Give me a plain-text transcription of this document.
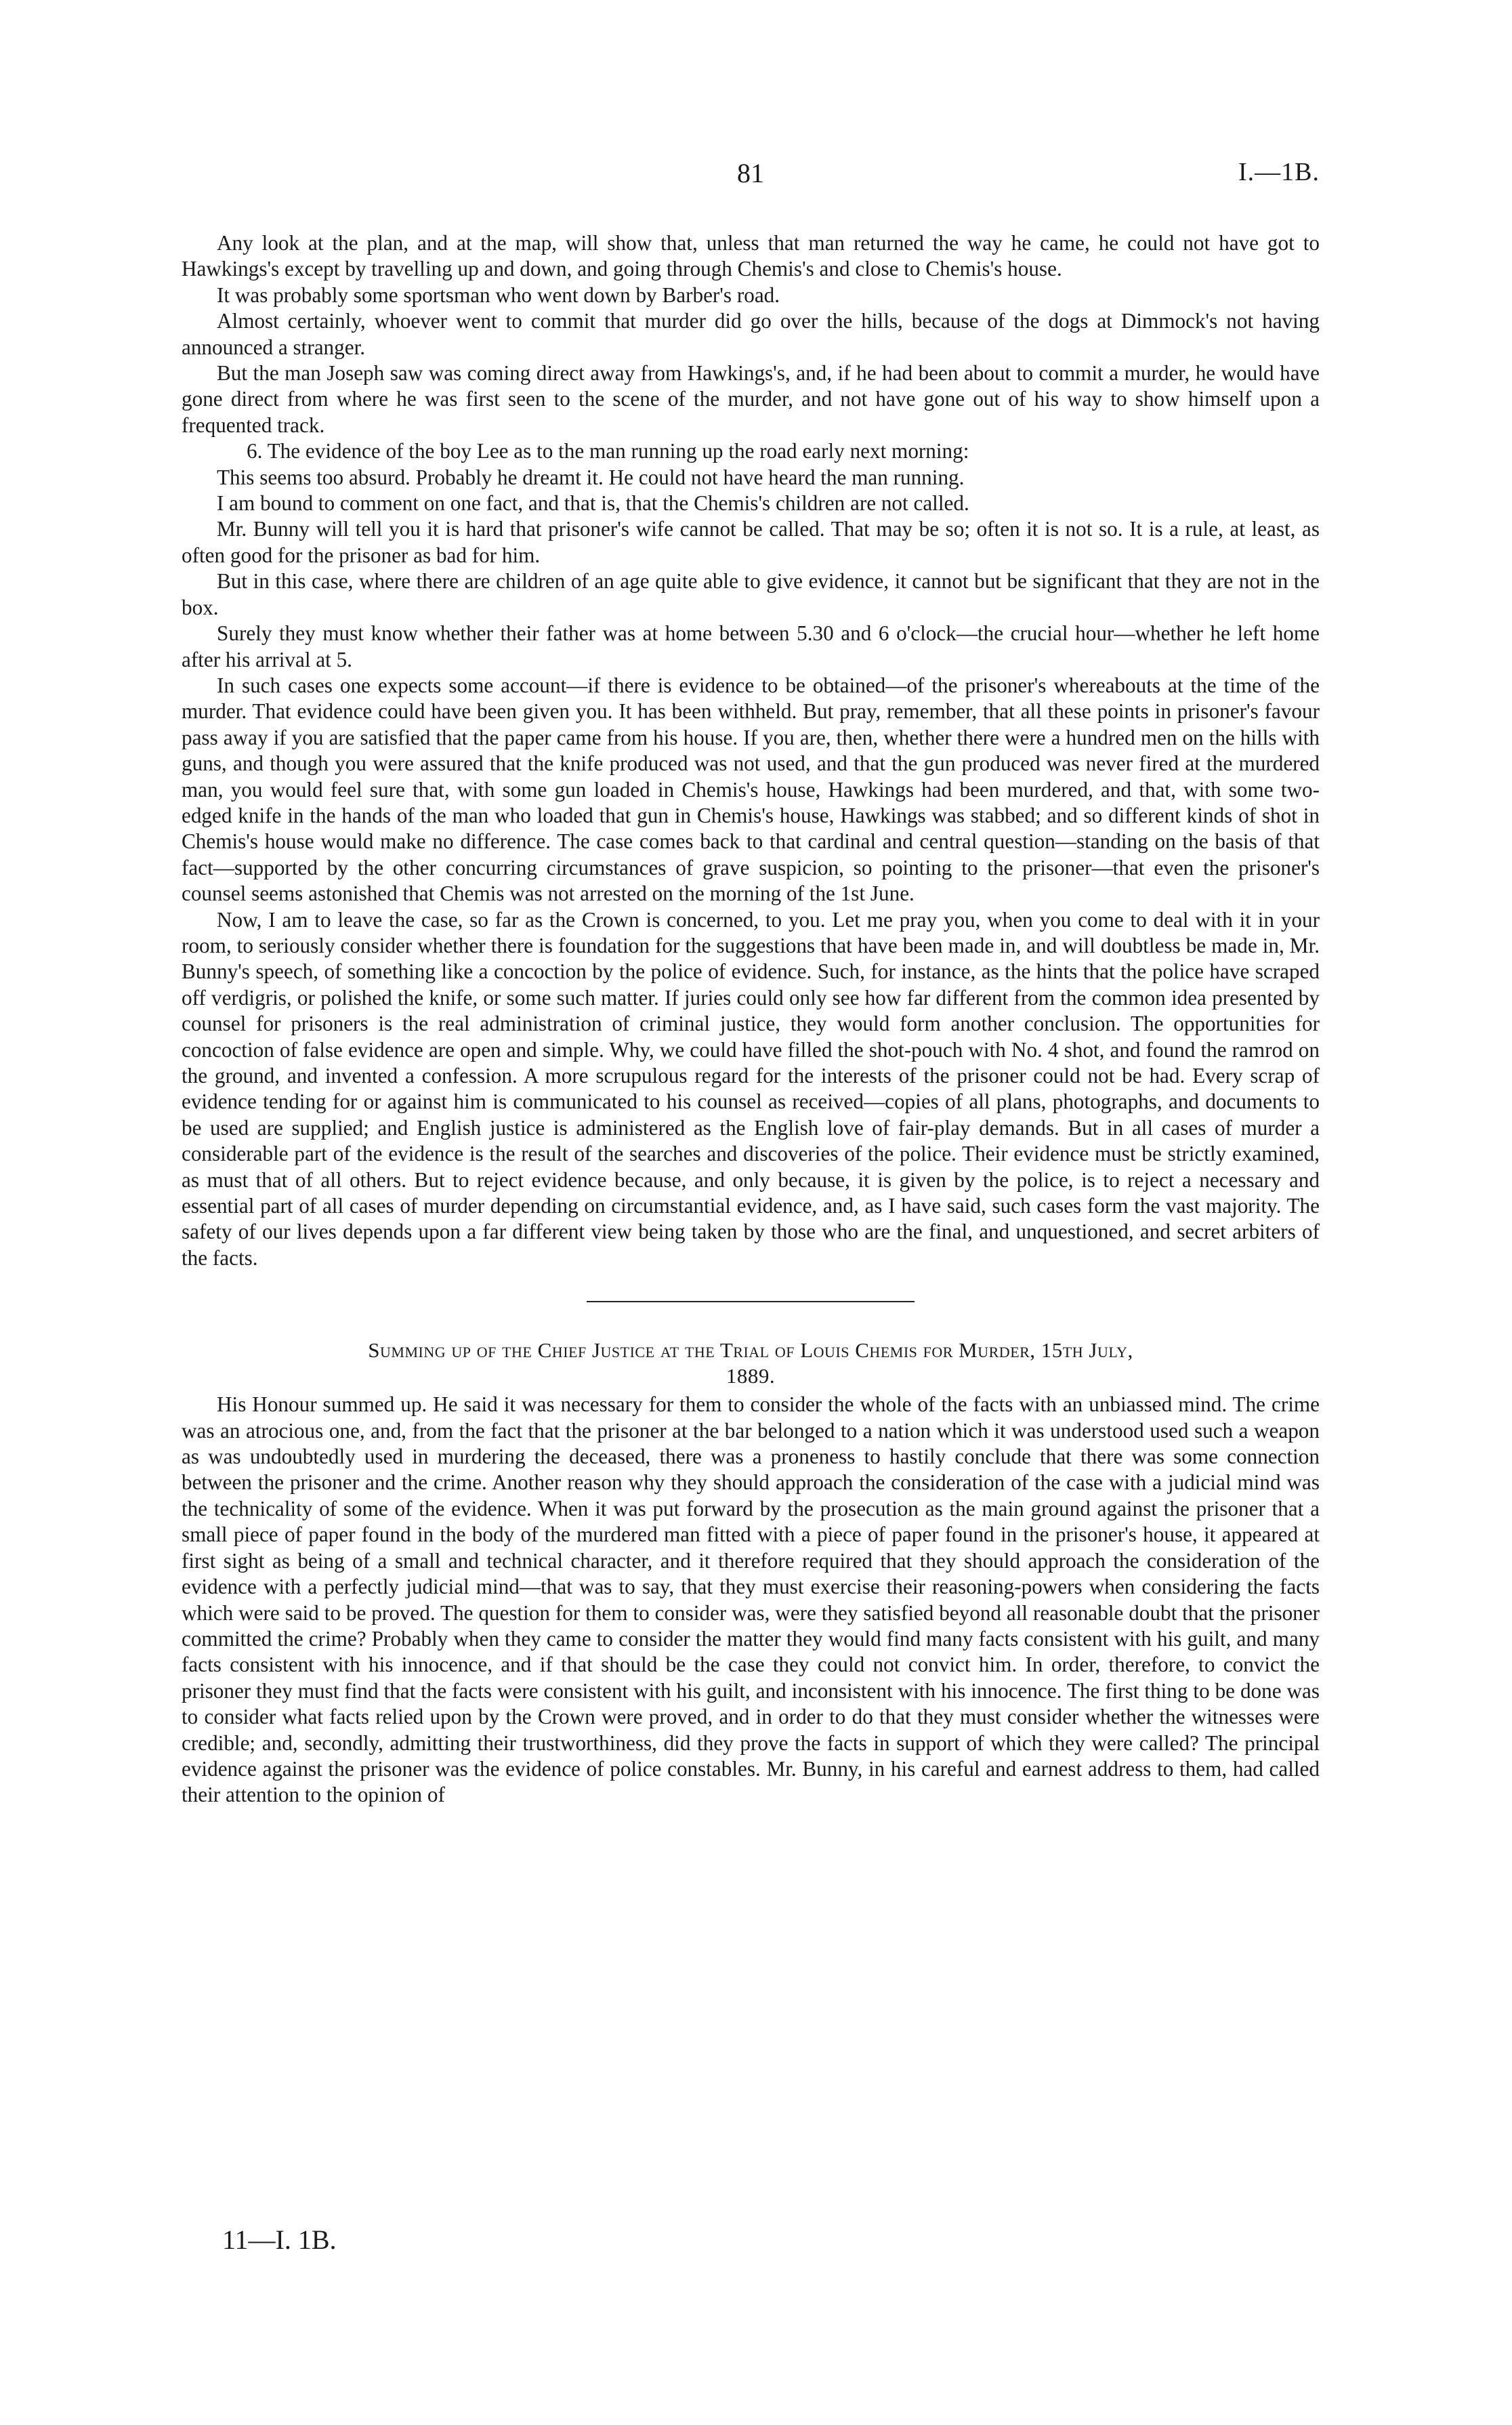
81	I.—1B.

Any look at the plan, and at the map, will show that, unless that man returned the way he came, he could not have got to Hawkings's except by travelling up and down, and going through Chemis's and close to Chemis's house.

It was probably some sportsman who went down by Barber's road.

Almost certainly, whoever went to commit that murder did go over the hills, because of the dogs at Dimmock's not having announced a stranger.

But the man Joseph saw was coming direct away from Hawkings's, and, if he had been about to commit a murder, he would have gone direct from where he was first seen to the scene of the murder, and not have gone out of his way to show himself upon a frequented track.

6. The evidence of the boy Lee as to the man running up the road early next morning:

This seems too absurd. Probably he dreamt it. He could not have heard the man running.

I am bound to comment on one fact, and that is, that the Chemis's children are not called.

Mr. Bunny will tell you it is hard that prisoner's wife cannot be called. That may be so; often it is not so. It is a rule, at least, as often good for the prisoner as bad for him.

But in this case, where there are children of an age quite able to give evidence, it cannot but be significant that they are not in the box.

Surely they must know whether their father was at home between 5.30 and 6 o'clock—the crucial hour—whether he left home after his arrival at 5.

In such cases one expects some account—if there is evidence to be obtained—of the prisoner's whereabouts at the time of the murder. That evidence could have been given you. It has been withheld. But pray, remember, that all these points in prisoner's favour pass away if you are satisfied that the paper came from his house. If you are, then, whether there were a hundred men on the hills with guns, and though you were assured that the knife produced was not used, and that the gun produced was never fired at the murdered man, you would feel sure that, with some gun loaded in Chemis's house, Hawkings had been murdered, and that, with some two-edged knife in the hands of the man who loaded that gun in Chemis's house, Hawkings was stabbed; and so different kinds of shot in Chemis's house would make no difference. The case comes back to that cardinal and central question—standing on the basis of that fact—supported by the other concurring circumstances of grave suspicion, so pointing to the prisoner—that even the prisoner's counsel seems astonished that Chemis was not arrested on the morning of the 1st June.

Now, I am to leave the case, so far as the Crown is concerned, to you. Let me pray you, when you come to deal with it in your room, to seriously consider whether there is foundation for the suggestions that have been made in, and will doubtless be made in, Mr. Bunny's speech, of something like a concoction by the police of evidence. Such, for instance, as the hints that the police have scraped off verdigris, or polished the knife, or some such matter. If juries could only see how far different from the common idea presented by counsel for prisoners is the real administration of criminal justice, they would form another conclusion. The opportunities for concoction of false evidence are open and simple. Why, we could have filled the shot-pouch with No. 4 shot, and found the ramrod on the ground, and invented a confession. A more scrupulous regard for the interests of the prisoner could not be had. Every scrap of evidence tending for or against him is communicated to his counsel as received—copies of all plans, photographs, and documents to be used are supplied; and English justice is administered as the English love of fair-play demands. But in all cases of murder a considerable part of the evidence is the result of the searches and discoveries of the police. Their evidence must be strictly examined, as must that of all others. But to reject evidence because, and only because, it is given by the police, is to reject a necessary and essential part of all cases of murder depending on circumstantial evidence, and, as I have said, such cases form the vast majority. The safety of our lives depends upon a far different view being taken by those who are the final, and unquestioned, and secret arbiters of the facts.

Summing up of the Chief Justice at the Trial of Louis Chemis for Murder, 15th July,
1889.

His Honour summed up. He said it was necessary for them to consider the whole of the facts with an unbiassed mind. The crime was an atrocious one, and, from the fact that the prisoner at the bar belonged to a nation which it was understood used such a weapon as was undoubtedly used in murdering the deceased, there was a proneness to hastily conclude that there was some connection between the prisoner and the crime. Another reason why they should approach the consideration of the case with a judicial mind was the technicality of some of the evidence. When it was put forward by the prosecution as the main ground against the prisoner that a small piece of paper found in the body of the murdered man fitted with a piece of paper found in the prisoner's house, it appeared at first sight as being of a small and technical character, and it therefore required that they should approach the consideration of the evidence with a perfectly judicial mind—that was to say, that they must exercise their reasoning-powers when considering the facts which were said to be proved. The question for them to consider was, were they satisfied beyond all reasonable doubt that the prisoner committed the crime? Probably when they came to consider the matter they would find many facts consistent with his guilt, and many facts consistent with his innocence, and if that should be the case they could not convict him. In order, therefore, to convict the prisoner they must find that the facts were consistent with his guilt, and inconsistent with his innocence. The first thing to be done was to consider what facts relied upon by the Crown were proved, and in order to do that they must consider whether the witnesses were credible; and, secondly, admitting their trustworthiness, did they prove the facts in support of which they were called? The principal evidence against the prisoner was the evidence of police constables. Mr. Bunny, in his careful and earnest address to them, had called their attention to the opinion of

11—I. 1B.
